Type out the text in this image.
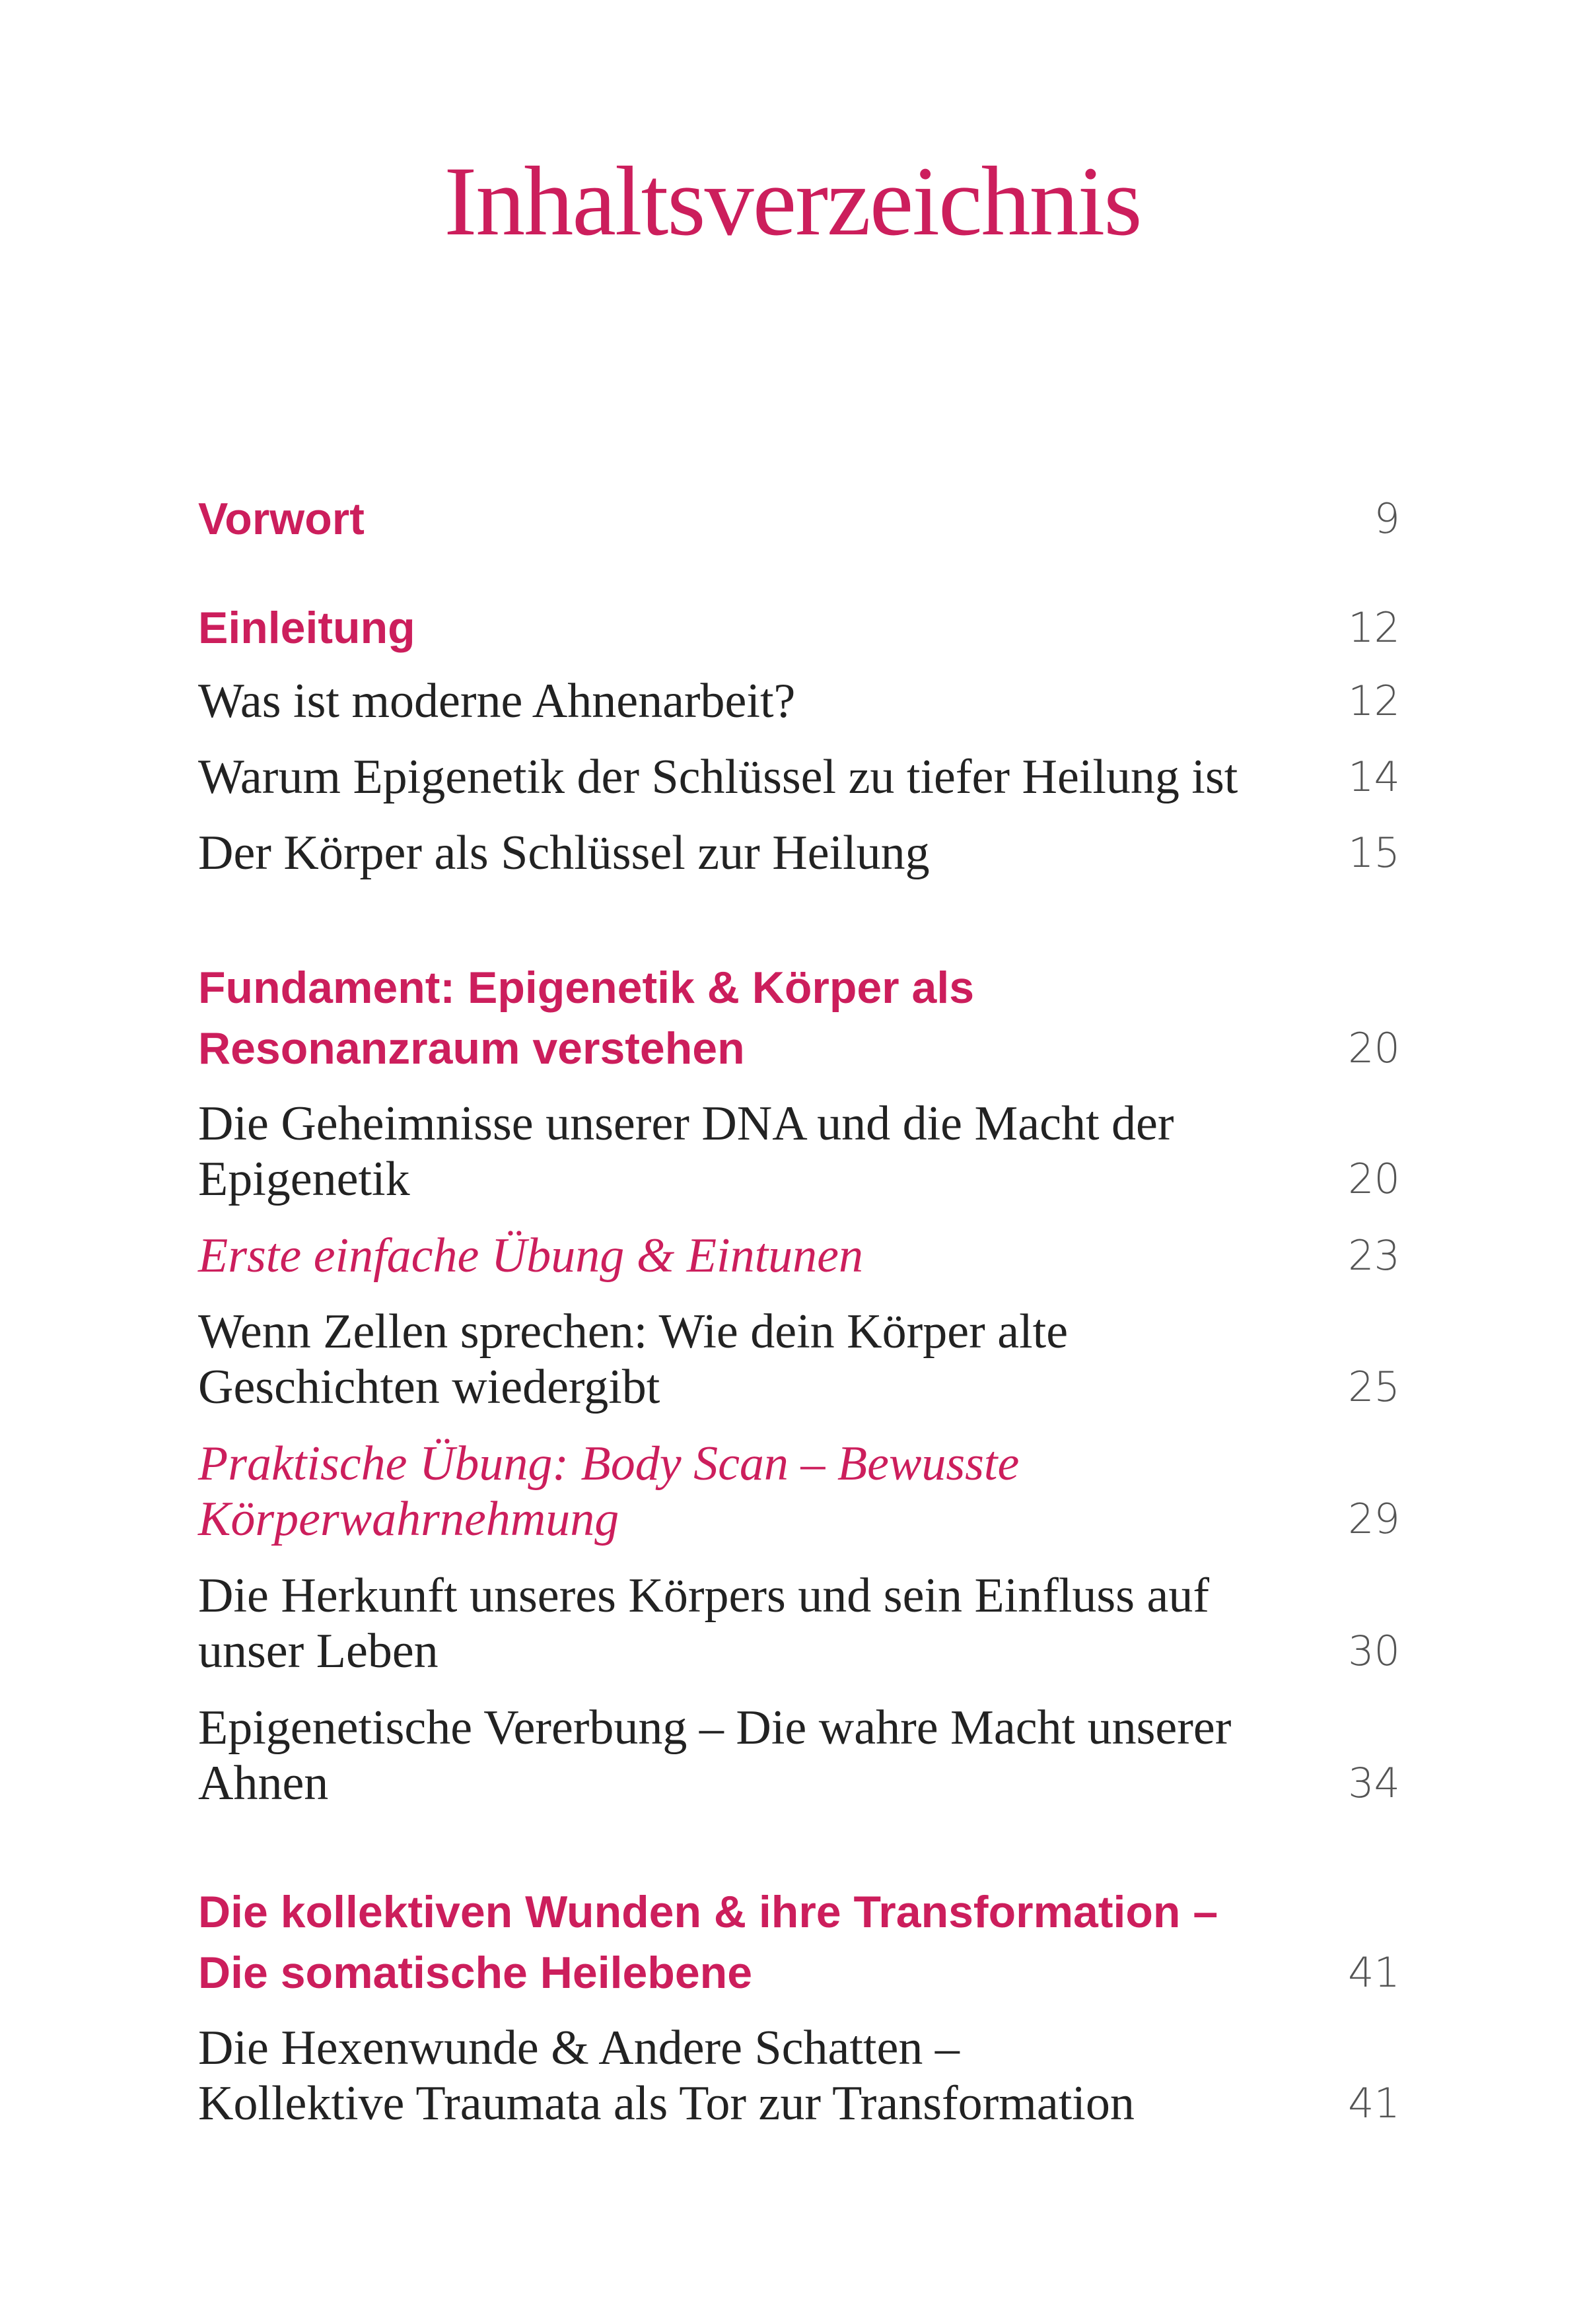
Inhaltsverzeichnis
Vorwort	9
Einleitung	12
Was ist moderne Ahnenarbeit?	12
Warum Epigenetik der Schlüssel zu tiefer Heilung ist	14
Der Körper als Schlüssel zur Heilung	15
Fundament: Epigenetik & Körper als
Resonanzraum verstehen	20
Die Geheimnisse unserer DNA und die Macht der
Epigenetik	20
Erste einfache Übung & Eintunen	23
Wenn Zellen sprechen: Wie dein Körper alte
Geschichten wiedergibt	25
Praktische Übung: Body Scan – Bewusste
Körperwahrnehmung	29
Die Herkunft unseres Körpers und sein Einfluss auf
unser Leben	30
Epigenetische Vererbung – Die wahre Macht unserer
Ahnen	34
Die kollektiven Wunden & ihre Transformation –
Die somatische Heilebene	41
Die Hexenwunde & Andere Schatten –
Kollektive Traumata als Tor zur Transformation	41
